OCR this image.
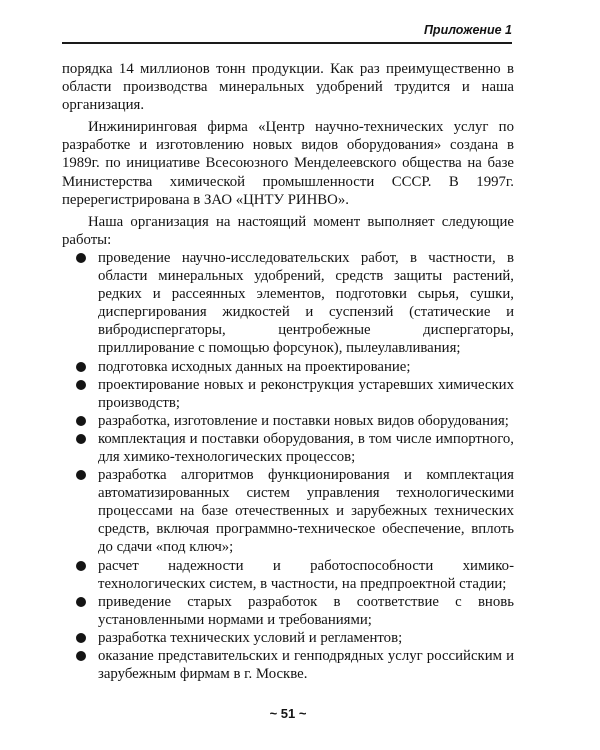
Приложение 1

порядка 14 миллионов тонн продукции. Как раз преимущественно в области производства минеральных удобрений трудится и наша организация.

Инжиниринговая фирма «Центр научно-технических услуг по разработке и изготовлению новых видов оборудования» создана в 1989г. по инициативе Всесоюзного Менделеевского общества на базе Министерства химической промышленности СССР. В 1997г. перерегистрирована в ЗАО «ЦНТУ РИНВО».

Наша организация на настоящий момент выполняет следующие работы:

проведение научно-исследовательских работ, в частности, в области минеральных удобрений, средств защиты растений, редких и рассеянных элементов, подготовки сырья, сушки, диспергирования жидкостей и суспензий (статические и вибродиспергаторы, центробежные диспергаторы, приллирование с помощью форсунок), пылеулавливания;
подготовка исходных данных на проектирование;
проектирование новых и реконструкция устаревших химических производств;
разработка, изготовление и поставки новых видов оборудования;
комплектация и поставки оборудования, в том числе импортного, для химико-технологических процессов;
разработка алгоритмов функционирования и комплектация автоматизированных систем управления технологическими процессами на базе отечественных и зарубежных технических средств, включая программно-техническое обеспечение, вплоть до сдачи «под ключ»;
расчет надежности и работоспособности химико-технологических систем, в частности, на предпроектной стадии;
приведение старых разработок в соответствие с вновь установленными нормами и требованиями;
разработка технических условий и регламентов;
оказание представительских и генподрядных услуг российским и зарубежным фирмам в г. Москве.
~ 51 ~
